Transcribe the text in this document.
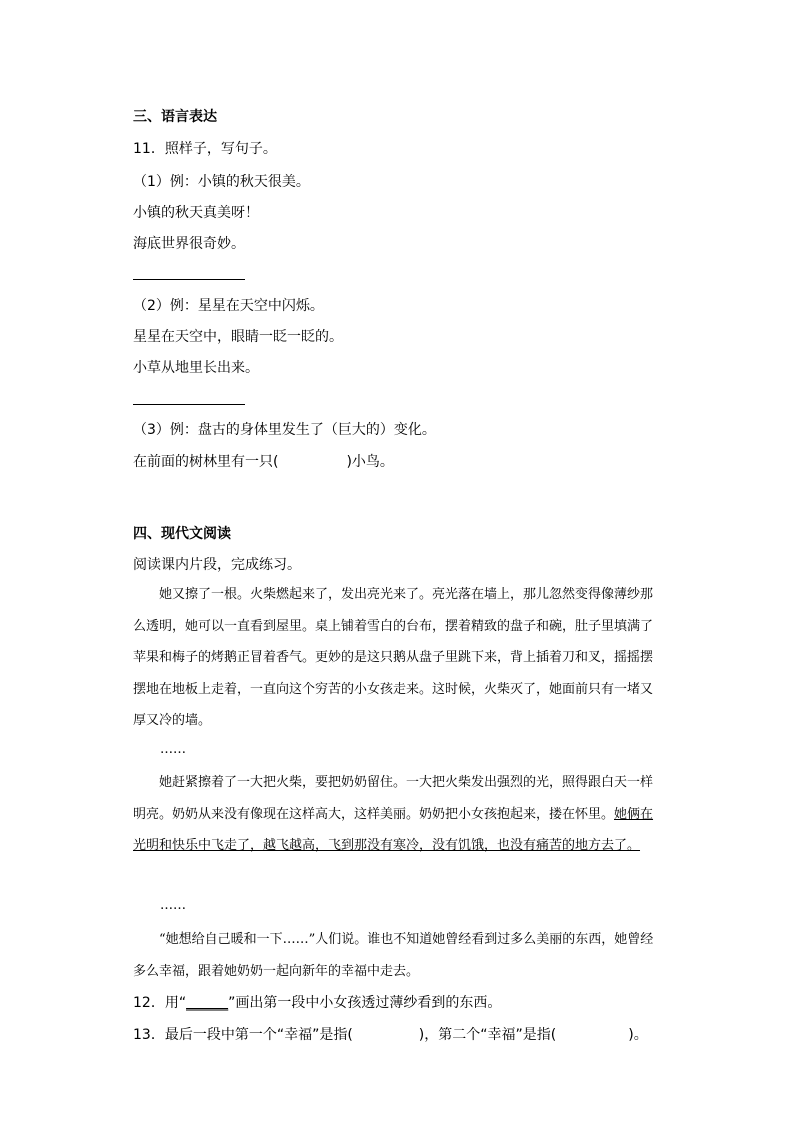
三、语言表达
11．照样子，写句子。
（1）例：小镇的秋天很美。
小镇的秋天真美呀！
海底世界很奇妙。
（2）例：星星在天空中闪烁。
星星在天空中，眼睛一眨一眨的。
小草从地里长出来。
（3）例：盘古的身体里发生了（巨大的）变化。
在前面的树林里有一只(	)小鸟。
四、现代文阅读
阅读课内片段，完成练习。
她又擦了一根。火柴燃起来了，发出亮光来了。亮光落在墙上，那儿忽然变得像薄纱那么透明，她可以一直看到屋里。桌上铺着雪白的台布，摆着精致的盘子和碗，肚子里填满了苹果和梅子的烤鹅正冒着香气。更妙的是这只鹅从盘子里跳下来，背上插着刀和叉，摇摇摆摆地在地板上走着，一直向这个穷苦的小女孩走来。这时候，火柴灭了，她面前只有一堵又厚又冷的墙。
……
她赶紧擦着了一大把火柴，要把奶奶留住。一大把火柴发出强烈的光，照得跟白天一样明亮。奶奶从来没有像现在这样高大，这样美丽。奶奶把小女孩抱起来，搂在怀里。她俩在光明和快乐中飞走了，越飞越高，飞到那没有寒冷，没有饥饿，也没有痛苦的地方去了。
……
“她想给自己暖和一下……”人们说。谁也不知道她曾经看到过多么美丽的东西，她曾经多么幸福，跟着她奶奶一起向新年的幸福中走去。
12．用“______”画出第一段中小女孩透过薄纱看到的东西。
13．最后一段中第一个“幸福”是指(	)，第二个“幸福”是指(	)。
